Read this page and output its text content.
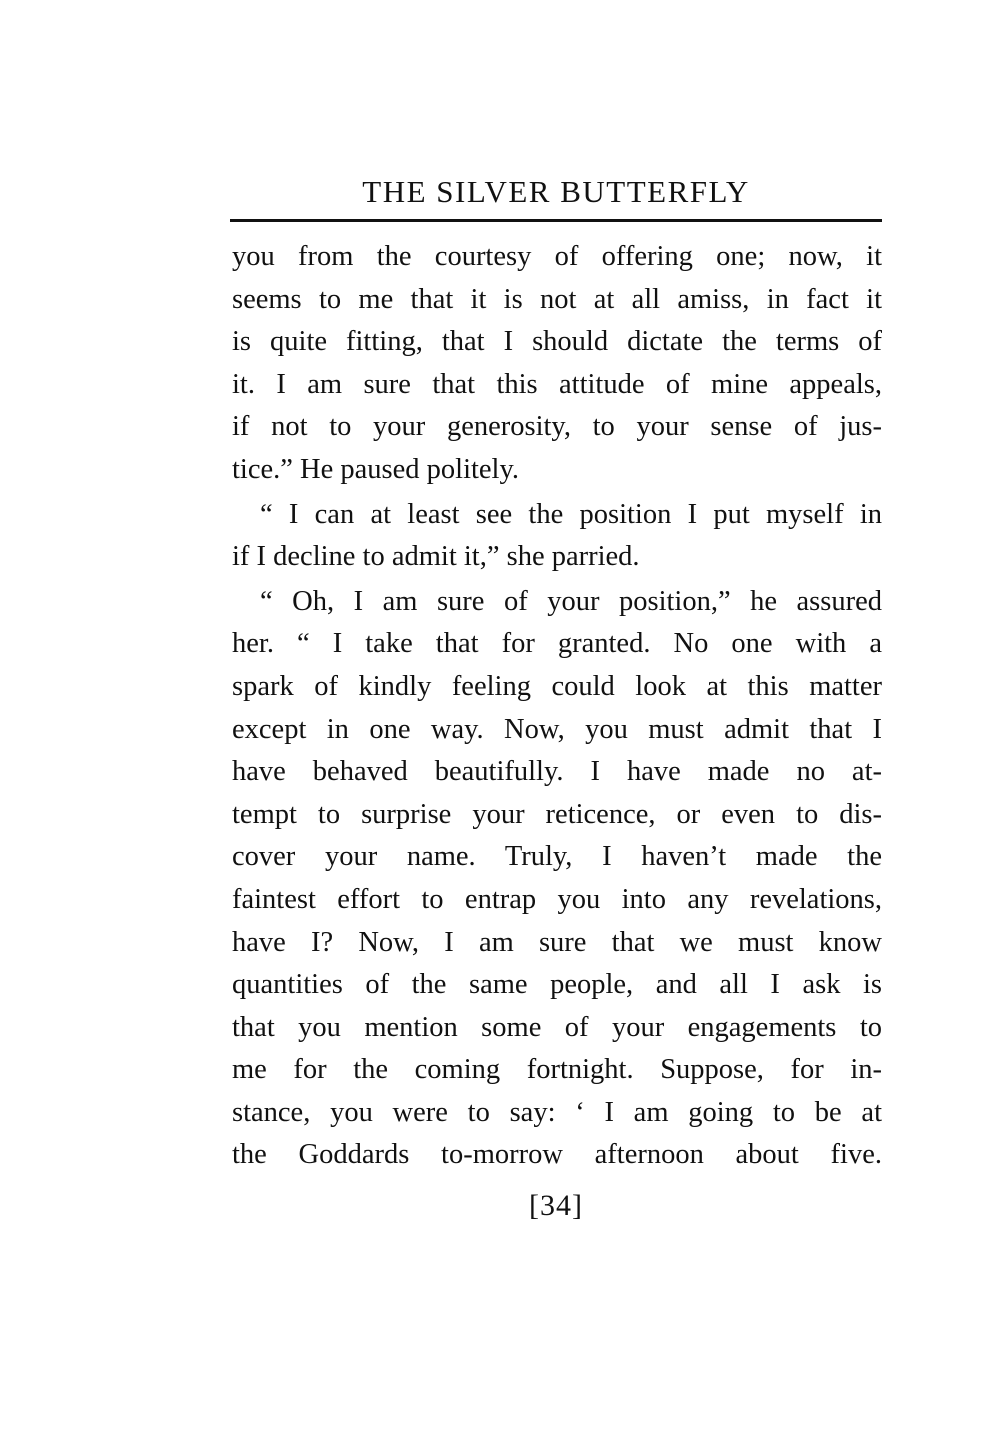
THE SILVER BUTTERFLY
you from the courtesy of offering one; now, it
seems to me that it is not at all amiss, in fact it
is quite fitting, that I should dictate the terms of
it. I am sure that this attitude of mine appeals,
if not to your generosity, to your sense of jus-
tice.” He paused politely.
“ I can at least see the position I put myself in
if I decline to admit it,” she parried.
“ Oh, I am sure of your position,” he assured
her. “ I take that for granted. No one with a
spark of kindly feeling could look at this matter
except in one way. Now, you must admit that I
have behaved beautifully. I have made no at-
tempt to surprise your reticence, or even to dis-
cover your name. Truly, I haven’t made the
faintest effort to entrap you into any revelations,
have I? Now, I am sure that we must know
quantities of the same people, and all I ask is
that you mention some of your engagements to
me for the coming fortnight. Suppose, for in-
stance, you were to say: ‘ I am going to be at
the Goddards to-morrow afternoon about five.
[34]
